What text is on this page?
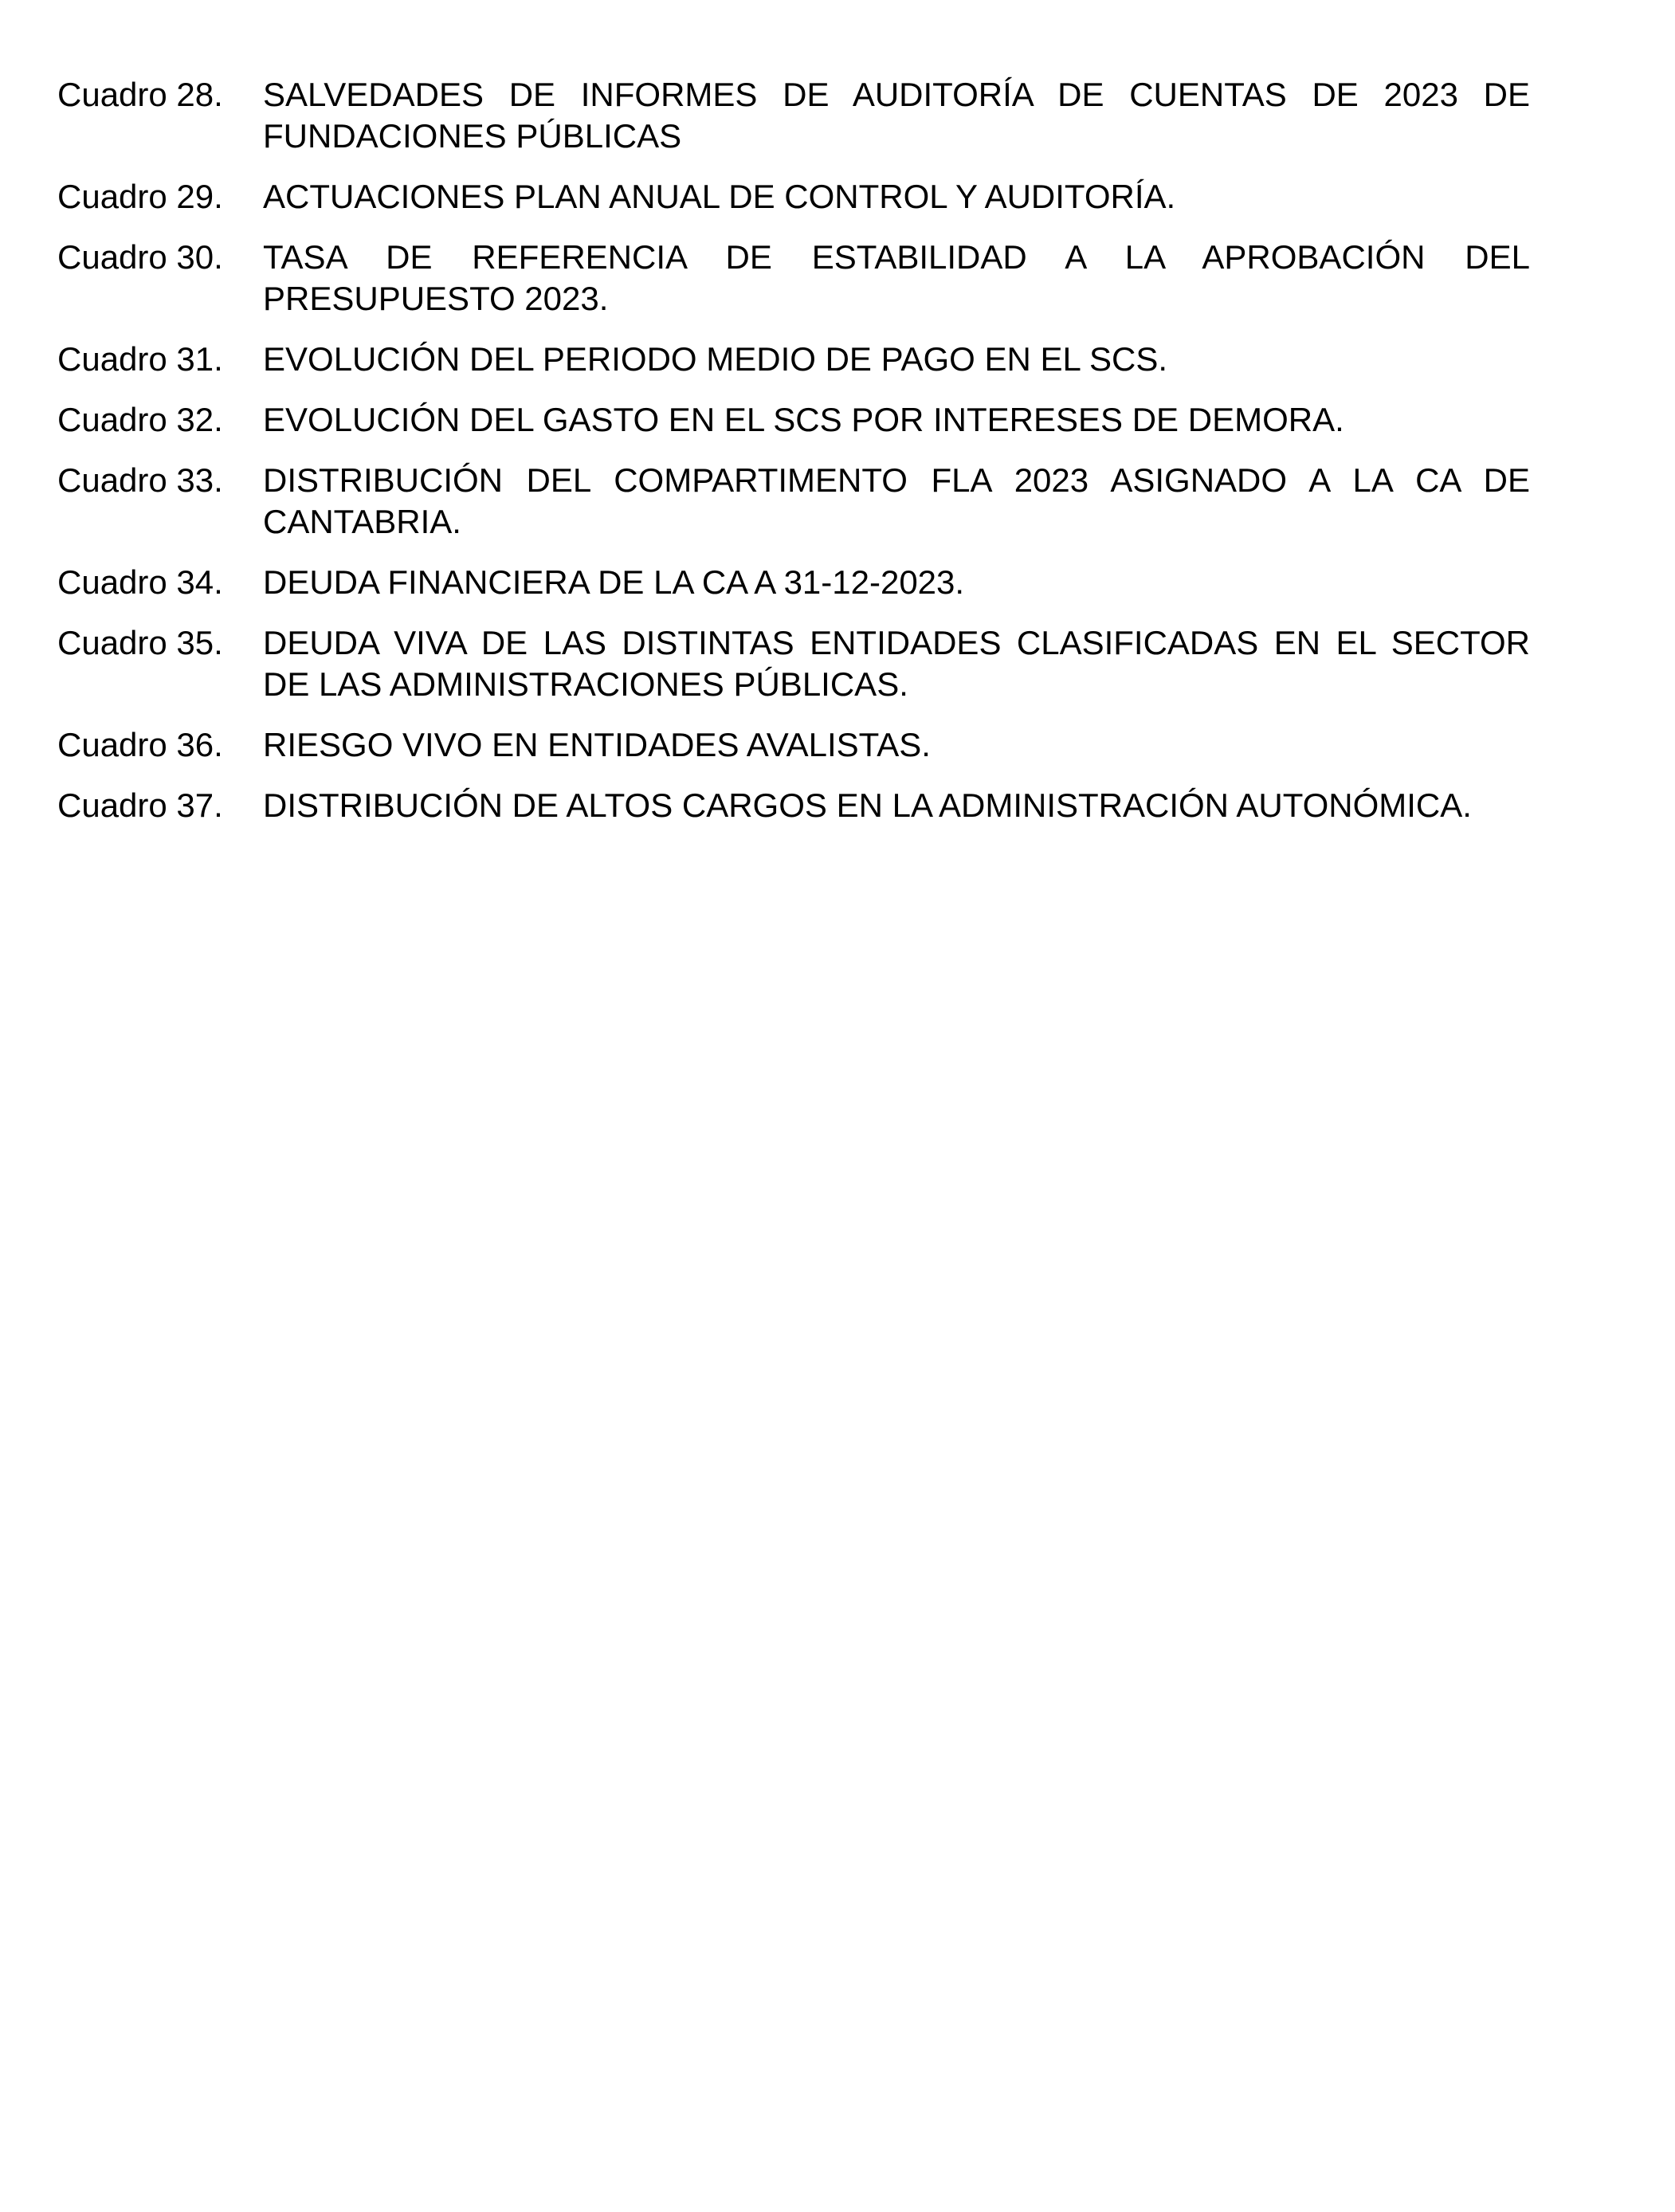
Cuadro 28.	SALVEDADES DE INFORMES DE AUDITORÍA DE CUENTAS DE 2023 DE FUNDACIONES PÚBLICAS
Cuadro 29.	ACTUACIONES PLAN ANUAL DE CONTROL Y AUDITORÍA.
Cuadro 30.	TASA DE REFERENCIA DE ESTABILIDAD A LA APROBACIÓN DEL PRESUPUESTO 2023.
Cuadro 31.	EVOLUCIÓN DEL PERIODO MEDIO DE PAGO EN EL SCS.
Cuadro 32.	EVOLUCIÓN DEL GASTO EN EL SCS POR INTERESES DE DEMORA.
Cuadro 33.	DISTRIBUCIÓN DEL COMPARTIMENTO FLA 2023 ASIGNADO A LA CA DE CANTABRIA.
Cuadro 34.	DEUDA FINANCIERA DE LA CA A 31-12-2023.
Cuadro 35.	DEUDA VIVA DE LAS DISTINTAS ENTIDADES CLASIFICADAS EN EL SECTOR DE LAS ADMINISTRACIONES PÚBLICAS.
Cuadro 36.	RIESGO VIVO EN ENTIDADES AVALISTAS.
Cuadro 37.	DISTRIBUCIÓN DE ALTOS CARGOS EN LA ADMINISTRACIÓN AUTONÓMICA.
